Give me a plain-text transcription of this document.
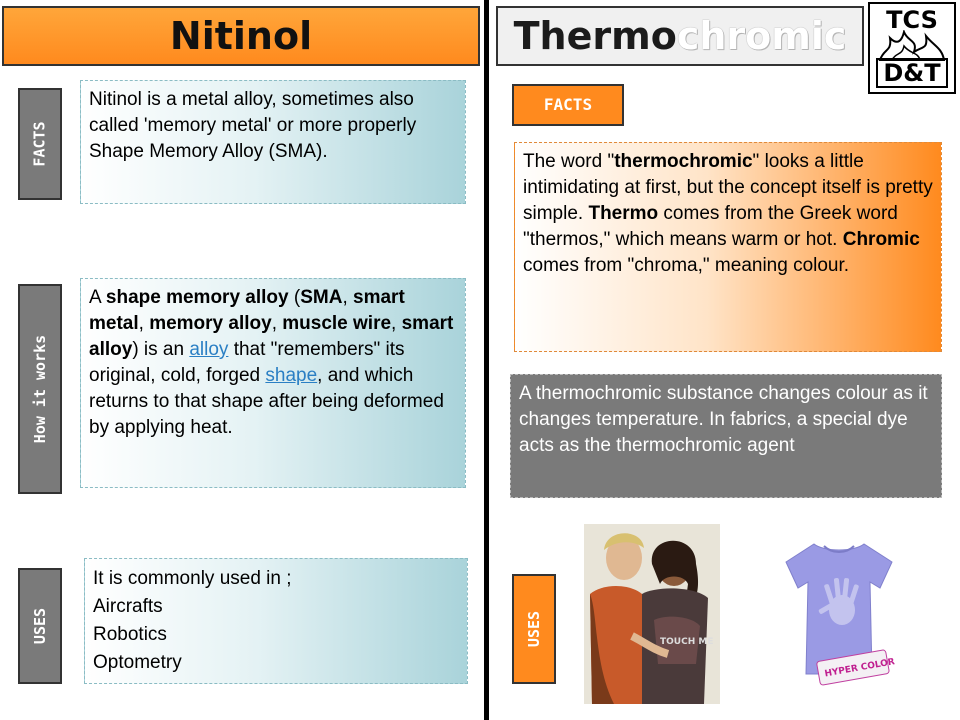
Nitinol
FACTS
Nitinol is a metal alloy, sometimes also called 'memory metal' or more properly Shape Memory Alloy (SMA).
How it works
A shape memory alloy (SMA, smart metal, memory alloy, muscle wire, smart alloy) is an alloy that "remembers" its original, cold, forged shape, and which returns to that shape after being deformed by applying heat.
USES
It is commonly used in ;
Aircrafts
Robotics
Optometry
Thermochromic	TCS
D&T
FACTS
The word "thermochromic" looks a little intimidating at first, but the concept itself is pretty simple. Thermo comes from the Greek word "thermos," which means warm or hot. Chromic comes from "chroma," meaning colour.
A thermochromic substance changes colour as it changes temperature. In fabrics, a special dye acts as the thermochromic agent
USES	TOUCH ME
HYPER COLOR
